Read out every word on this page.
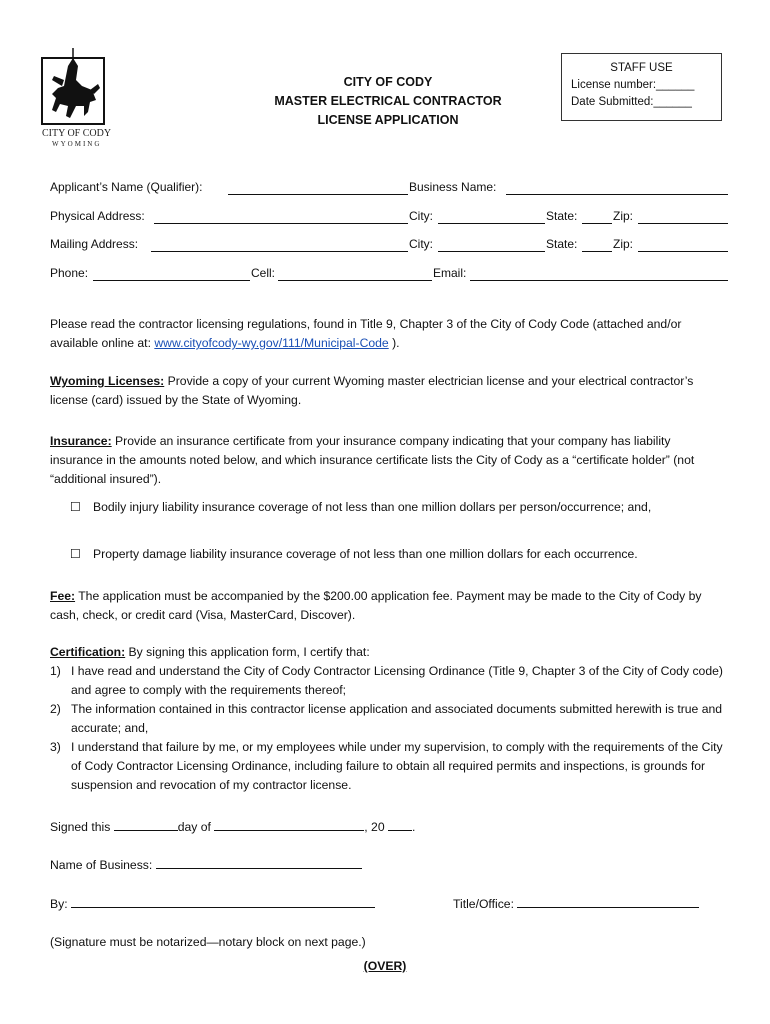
CITY OF CODY
WYOMING
CITY OF CODY
MASTER ELECTRICAL CONTRACTOR
LICENSE APPLICATION
STAFF USE
License number:______
Date Submitted:______
Applicant’s Name (Qualifier):	Business Name:
Physical Address:	City:	State:	Zip:
Mailing Address:	City:	State:	Zip:
Phone:	Cell:	Email:
Please read the contractor licensing regulations, found in Title 9, Chapter 3 of the City of Cody Code (attached and/or available online at: www.cityofcody-wy.gov/111/Municipal-Code ).
Wyoming Licenses: Provide a copy of your current Wyoming master electrician license and your electrical contractor’s license (card) issued by the State of Wyoming.
Insurance: Provide an insurance certificate from your insurance company indicating that your company has liability insurance in the amounts noted below, and which insurance certificate lists the City of Cody as a “certificate holder” (not “additional insured”).
☐ Bodily injury liability insurance coverage of not less than one million dollars per person/occurrence; and,
☐ Property damage liability insurance coverage of not less than one million dollars for each occurrence.
Fee: The application must be accompanied by the $200.00 application fee. Payment may be made to the City of Cody by cash, check, or credit card (Visa, MasterCard, Discover).
Certification: By signing this application form, I certify that:
1) I have read and understand the City of Cody Contractor Licensing Ordinance (Title 9, Chapter 3 of the City of Cody code) and agree to comply with the requirements thereof;
2) The information contained in this contractor license application and associated documents submitted herewith is true and accurate; and,
3) I understand that failure by me, or my employees while under my supervision, to comply with the requirements of the City of Cody Contractor Licensing Ordinance, including failure to obtain all required permits and inspections, is grounds for suspension and revocation of my contractor license.
Signed this	day of	, 20 .
Name of Business:
By:	Title/Office:
(Signature must be notarized—notary block on next page.)
(OVER)
